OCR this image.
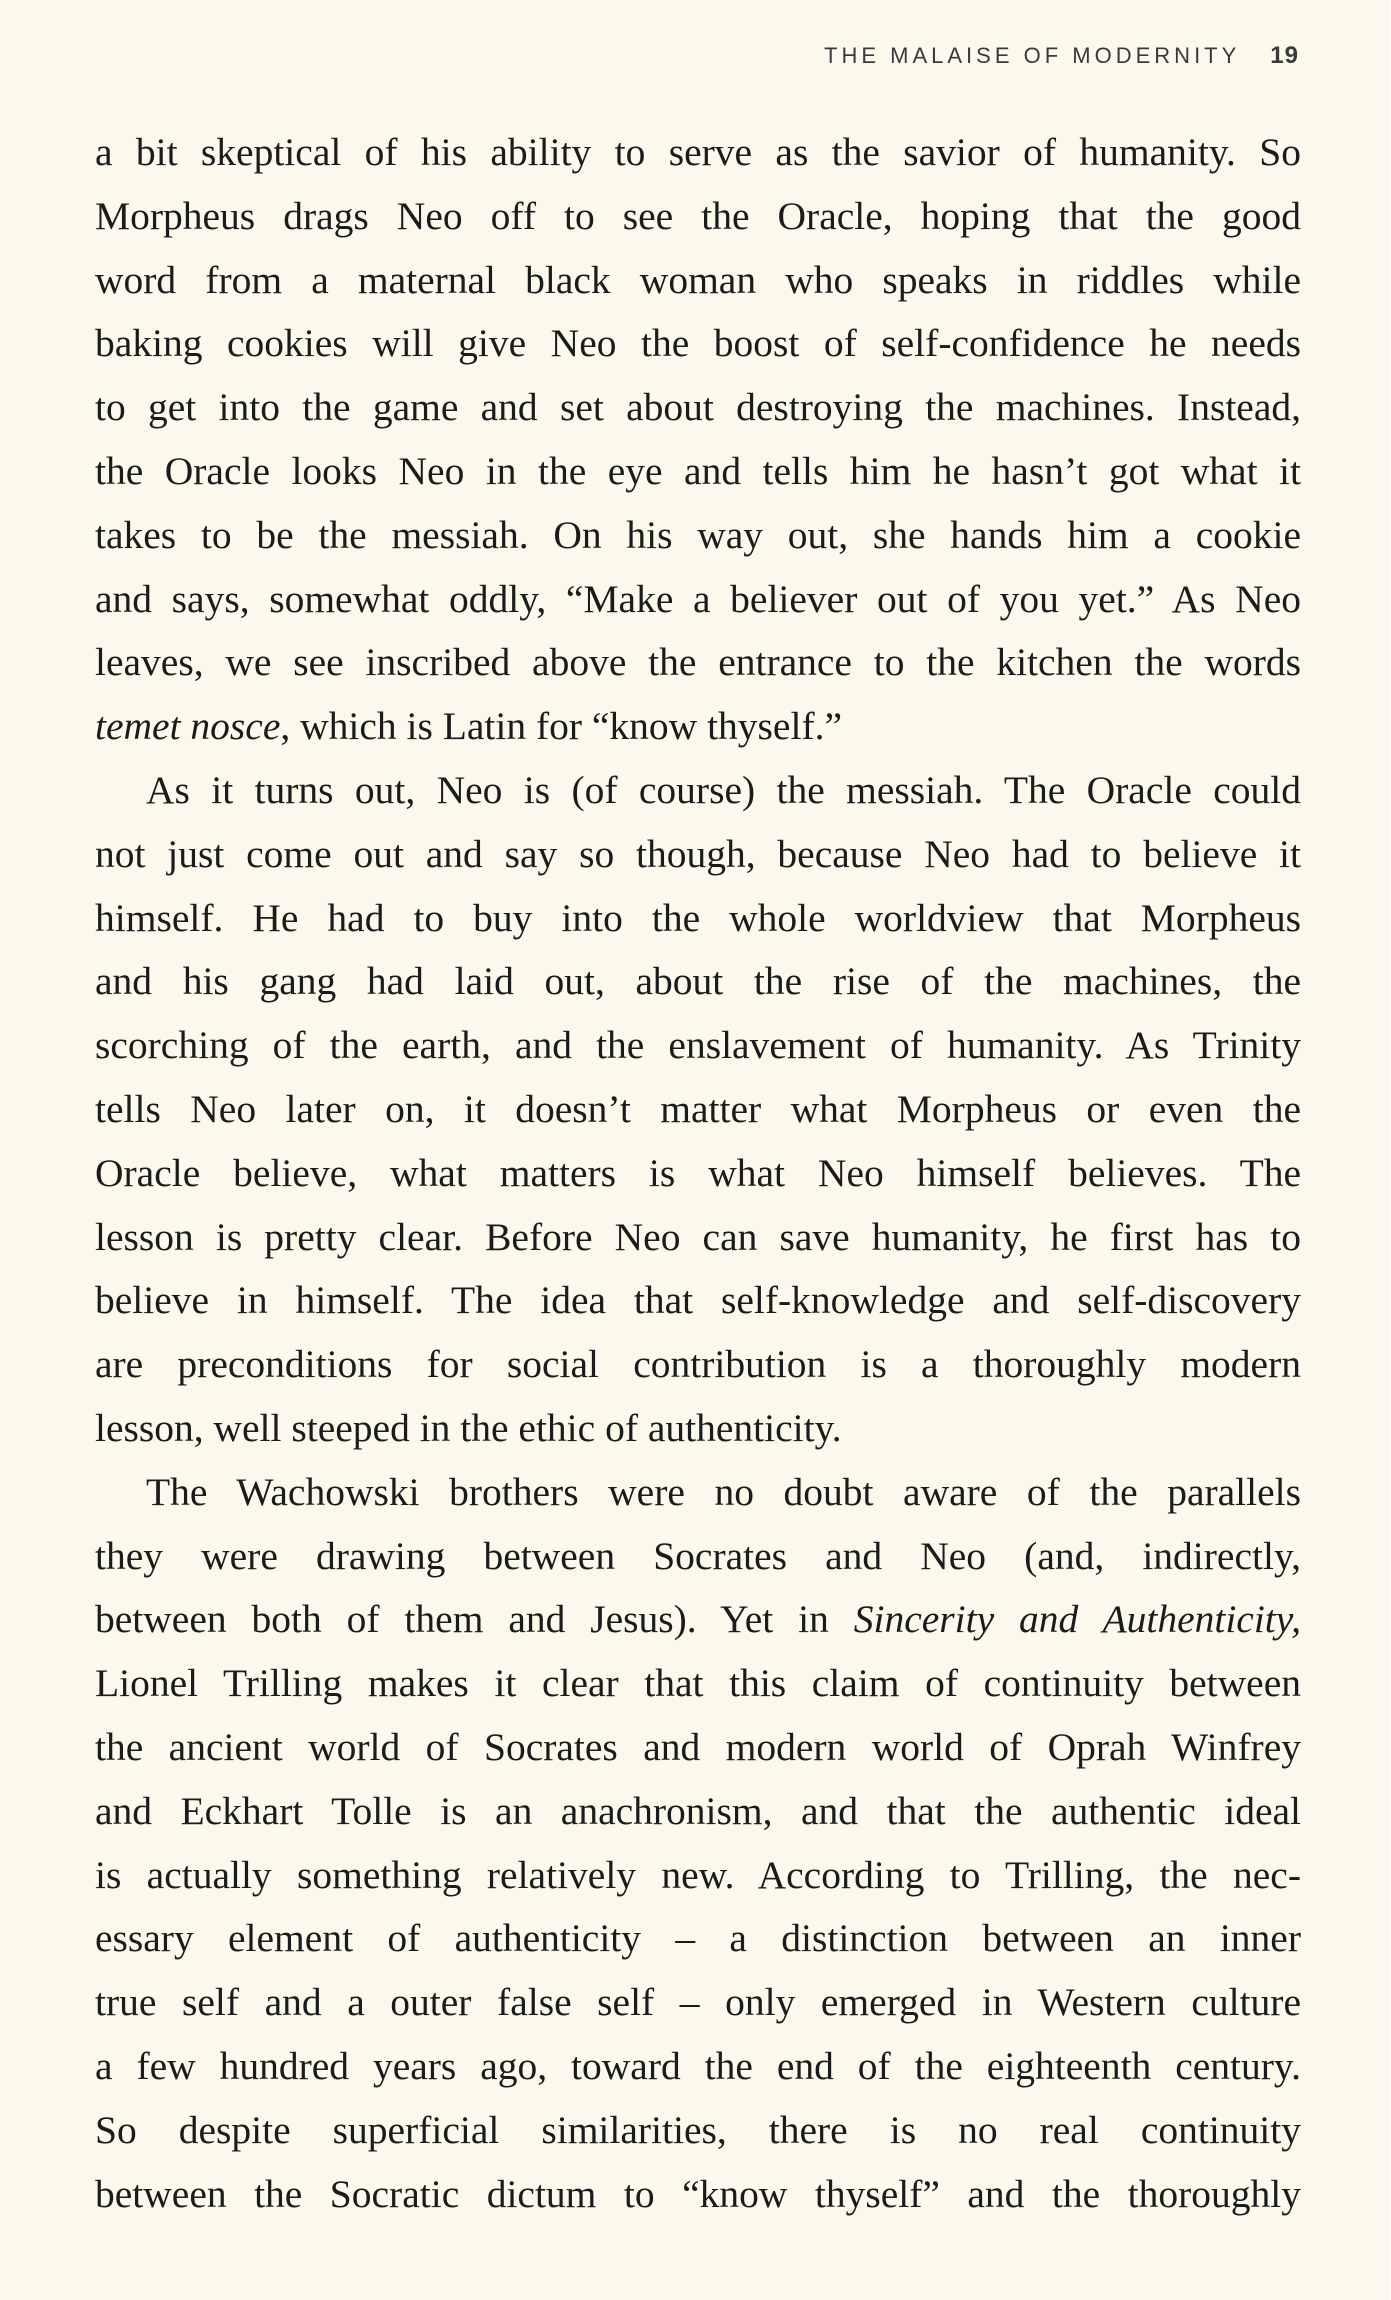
THE MALAISE OF MODERNITY 19
a bit skeptical of his ability to serve as the savior of humanity. So
Morpheus drags Neo off to see the Oracle, hoping that the good
word from a maternal black woman who speaks in riddles while
baking cookies will give Neo the boost of self-confidence he needs
to get into the game and set about destroying the machines. Instead,
the Oracle looks Neo in the eye and tells him he hasn’t got what it
takes to be the messiah. On his way out, she hands him a cookie
and says, somewhat oddly, “Make a believer out of you yet.” As Neo
leaves, we see inscribed above the entrance to the kitchen the words
temet nosce, which is Latin for “know thyself.”
As it turns out, Neo is (of course) the messiah. The Oracle could
not just come out and say so though, because Neo had to believe it
himself. He had to buy into the whole worldview that Morpheus
and his gang had laid out, about the rise of the machines, the
scorching of the earth, and the enslavement of humanity. As Trinity
tells Neo later on, it doesn’t matter what Morpheus or even the
Oracle believe, what matters is what Neo himself believes. The
lesson is pretty clear. Before Neo can save humanity, he first has to
believe in himself. The idea that self-knowledge and self-discovery
are preconditions for social contribution is a thoroughly modern
lesson, well steeped in the ethic of authenticity.
The Wachowski brothers were no doubt aware of the parallels
they were drawing between Socrates and Neo (and, indirectly,
between both of them and Jesus). Yet in Sincerity and Authenticity,
Lionel Trilling makes it clear that this claim of continuity between
the ancient world of Socrates and modern world of Oprah Winfrey
and Eckhart Tolle is an anachronism, and that the authentic ideal
is actually something relatively new. According to Trilling, the nec-
essary element of authenticity – a distinction between an inner
true self and a outer false self – only emerged in Western culture
a few hundred years ago, toward the end of the eighteenth century.
So despite superficial similarities, there is no real continuity
between the Socratic dictum to “know thyself” and the thoroughly
